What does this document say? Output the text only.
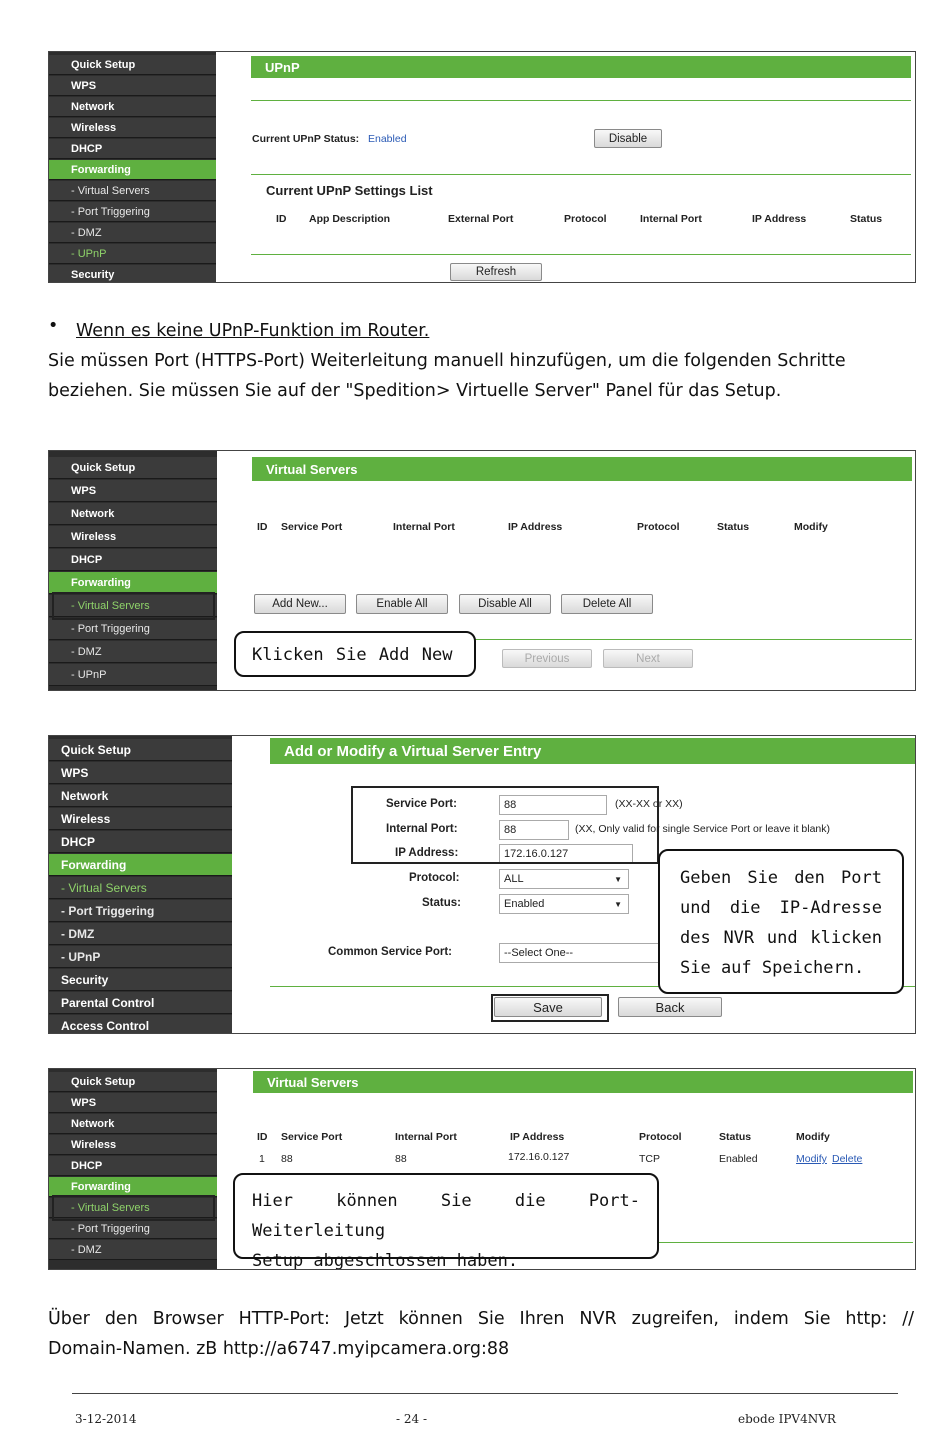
Quick Setup
WPS
Network
Wireless
DHCP
Forwarding
- Virtual Servers
- Port Triggering
- DMZ
- UPnP
Security
UPnP
Current UPnP Status: Enabled	Disable
Current UPnP Settings List
ID App Description	External Port	Protocol	Internal Port	IP Address	Status
Refresh
• Wenn es keine UPnP-Funktion im Router.
Sie müssen Port (HTTPS-Port) Weiterleitung manuell hinzufügen, um die folgenden Schritte
beziehen. Sie müssen Sie auf der "Spedition> Virtuelle Server" Panel für das Setup.
Quick Setup
WPS
Network
Wireless
DHCP
Forwarding
- Virtual Servers
- Port Triggering
- DMZ
- UPnP
Virtual Servers
ID Service Port	Internal Port	IP Address	Protocol	Status	Modify
Add New...	Enable All	Disable All	Delete All
Previous	Next
Klicken Sie Add New
Quick Setup
WPS
Network
Wireless
DHCP
Forwarding
- Virtual Servers
- Port Triggering
- DMZ
- UPnP
Security
Parental Control
Access Control
Add or Modify a Virtual Server Entry
Service Port:	88	(XX-XX or XX)
Internal Port:	88	(XX, Only valid for single Service Port or leave it blank)
IP Address:	172.16.0.127
Protocol:	ALL	▼
Status:	Enabled	▼
Common Service Port:	--Select One--
Save	Back
Geben Sie den Port
und die IP-Adresse
des NVR und klicken
Sie auf Speichern.
Quick Setup
WPS
Network
Wireless
DHCP
Forwarding
- Virtual Servers
- Port Triggering
- DMZ
Virtual Servers
ID Service Port	Internal Port	IP Address	Protocol	Status	Modify
1 88	88	172.16.0.127	TCP	Enabled	Modify Delete
Hier können Sie die Port-Weiterleitung
Setup abgeschlossen haben.
Über den Browser HTTP-Port: Jetzt können Sie Ihren NVR zugreifen, indem Sie http: //
Domain-Namen. zB http://a6747.myipcamera.org:88
3-12-2014	- 24 -	ebode IPV4NVR
